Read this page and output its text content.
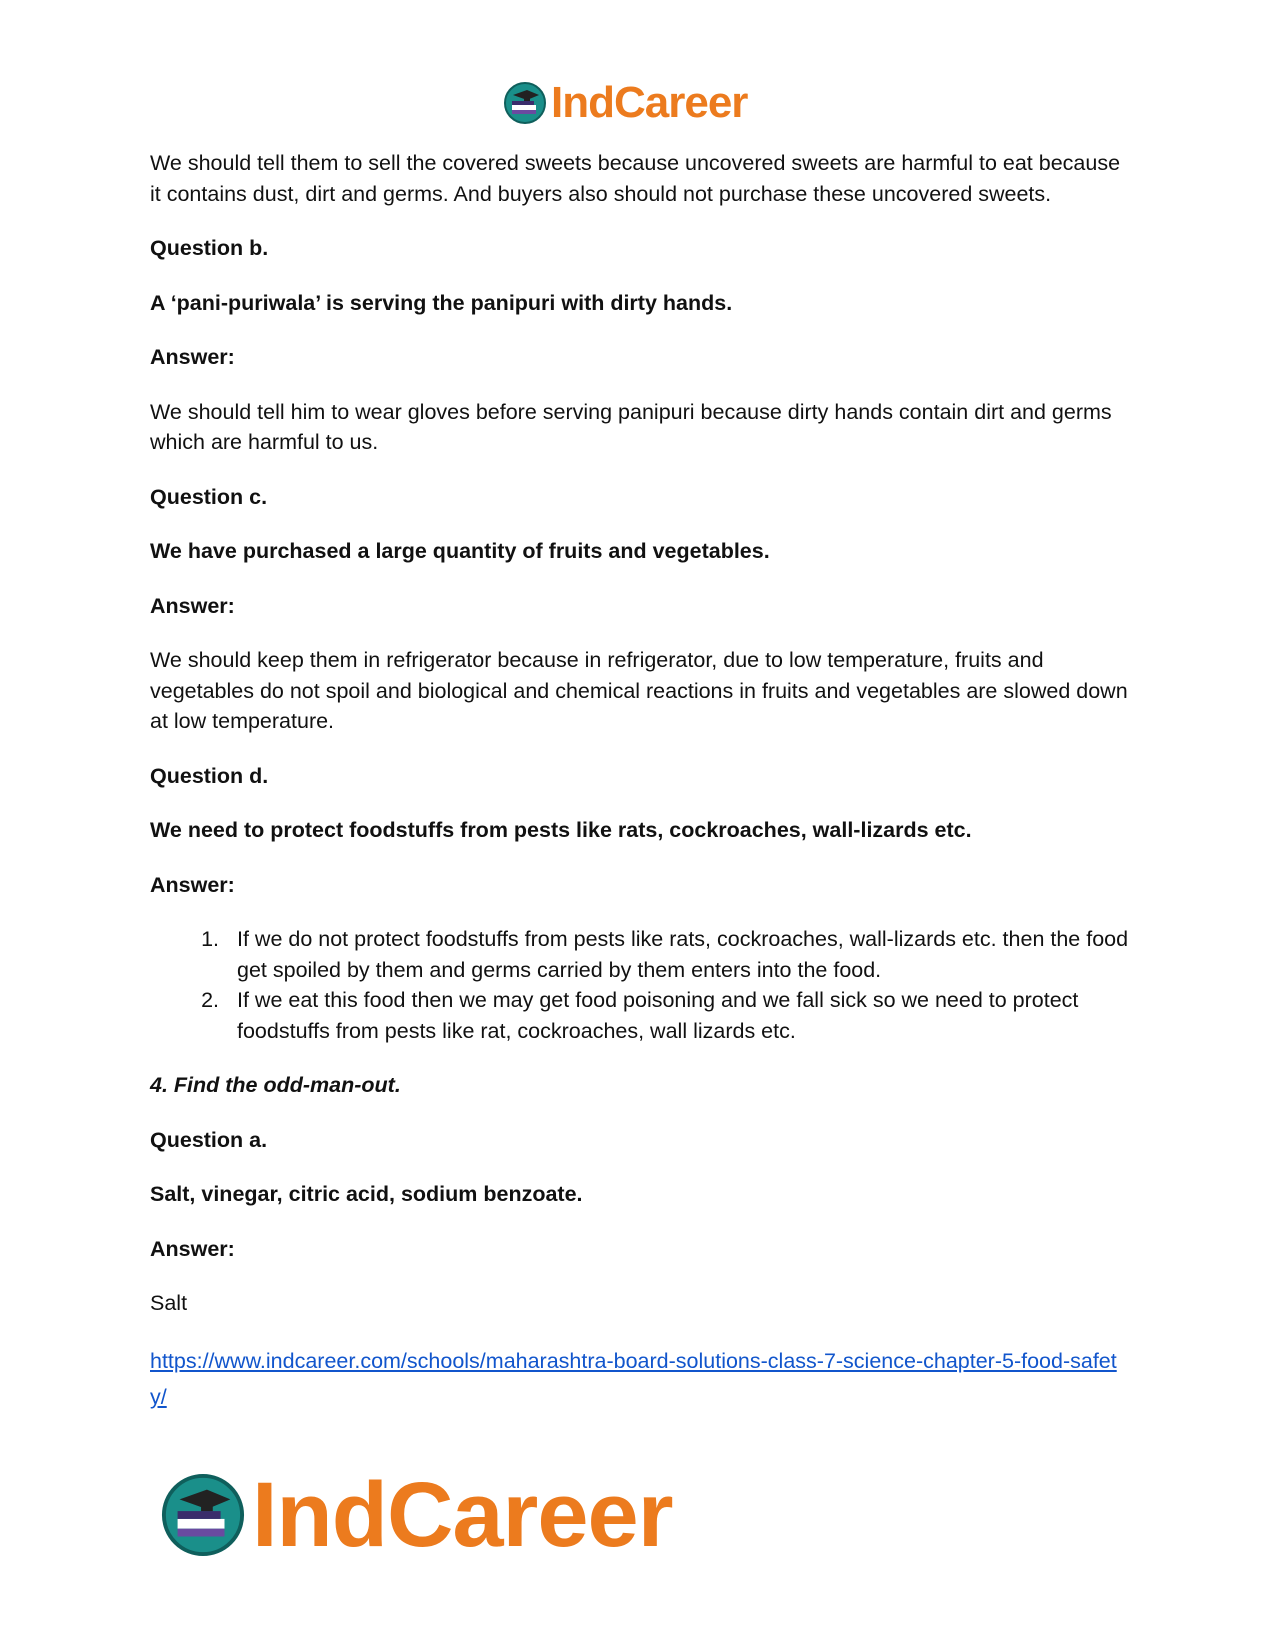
IndCareer

We should tell them to sell the covered sweets because uncovered sweets are harmful to eat because it contains dust, dirt and germs. And buyers also should not purchase these uncovered sweets.

Question b.

A ‘pani-puriwala’ is serving the panipuri with dirty hands.

Answer:

We should tell him to wear gloves before serving panipuri because dirty hands contain dirt and germs which are harmful to us.

Question c.

We have purchased a large quantity of fruits and vegetables.

Answer:

We should keep them in refrigerator because in refrigerator, due to low temperature, fruits and vegetables do not spoil and biological and chemical reactions in fruits and vegetables are slowed down at low temperature.

Question d.

We need to protect foodstuffs from pests like rats, cockroaches, wall-lizards etc.

Answer:

1. If we do not protect foodstuffs from pests like rats, cockroaches, wall-lizards etc. then the food get spoiled by them and germs carried by them enters into the food.
2. If we eat this food then we may get food poisoning and we fall sick so we need to protect foodstuffs from pests like rat, cockroaches, wall lizards etc.

4. Find the odd-man-out.

Question a.

Salt, vinegar, citric acid, sodium benzoate.

Answer:

Salt

https://www.indcareer.com/schools/maharashtra-board-solutions-class-7-science-chapter-5-food-safety/
IndCareer
